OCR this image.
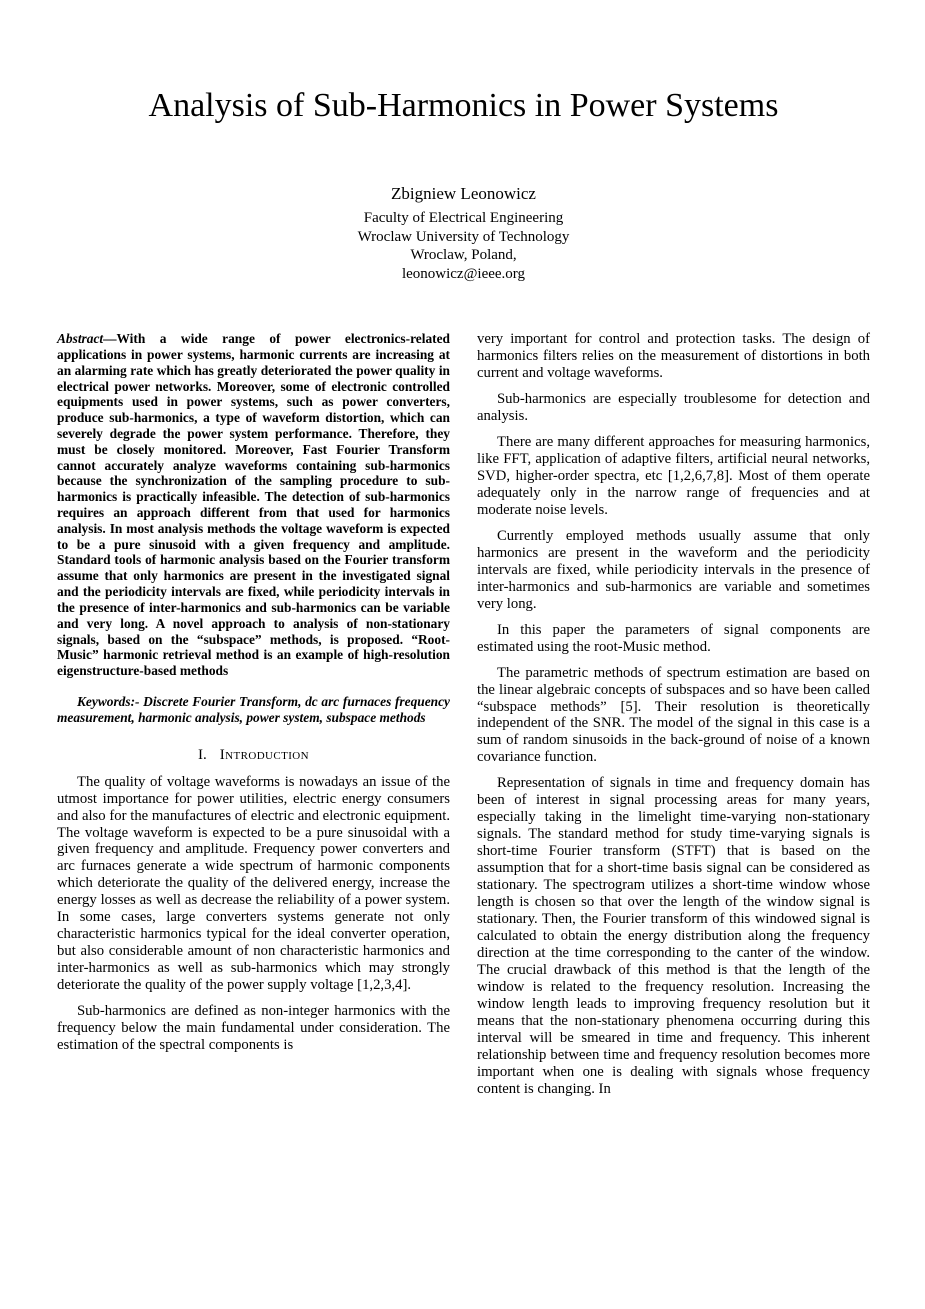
Analysis of Sub-Harmonics in Power Systems
Zbigniew Leonowicz
Faculty of Electrical Engineering
Wroclaw University of Technology
Wroclaw, Poland,
leonowicz@ieee.org

Abstract—With a wide range of power electronics-related applications in power systems, harmonic currents are increasing at an alarming rate which has greatly deteriorated the power quality in electrical power networks. Moreover, some of electronic controlled equipments used in power systems, such as power converters, produce sub-harmonics, a type of waveform distortion, which can severely degrade the power system performance. Therefore, they must be closely monitored. Moreover, Fast Fourier Transform cannot accurately analyze waveforms containing sub-harmonics because the synchronization of the sampling procedure to sub-harmonics is practically infeasible. The detection of sub-harmonics requires an approach different from that used for harmonics analysis. In most analysis methods the voltage waveform is expected to be a pure sinusoid with a given frequency and amplitude. Standard tools of harmonic analysis based on the Fourier transform assume that only harmonics are present in the investigated signal and the periodicity intervals are fixed, while periodicity intervals in the presence of inter-harmonics and sub-harmonics can be variable and very long. A novel approach to analysis of non-stationary signals, based on the “subspace” methods, is proposed. “Root-Music” harmonic retrieval method is an example of high-resolution eigenstructure-based methods

Keywords:- Discrete Fourier Transform, dc arc furnaces frequency measurement, harmonic analysis, power system, subspace methods

I. Introduction

The quality of voltage waveforms is nowadays an issue of the utmost importance for power utilities, electric energy consumers and also for the manufactures of electric and electronic equipment. The voltage waveform is expected to be a pure sinusoidal with a given frequency and amplitude. Frequency power converters and arc furnaces generate a wide spectrum of harmonic components which deteriorate the quality of the delivered energy, increase the energy losses as well as decrease the reliability of a power system. In some cases, large converters systems generate not only characteristic harmonics typical for the ideal converter operation, but also considerable amount of non characteristic harmonics and inter-harmonics as well as sub-harmonics which may strongly deteriorate the quality of the power supply voltage [1,2,3,4].

Sub-harmonics are defined as non-integer harmonics with the frequency below the main fundamental under consideration. The estimation of the spectral components is

very important for control and protection tasks. The design of harmonics filters relies on the measurement of distortions in both current and voltage waveforms.

Sub-harmonics are especially troublesome for detection and analysis.

There are many different approaches for measuring harmonics, like FFT, application of adaptive filters, artificial neural networks, SVD, higher-order spectra, etc [1,2,6,7,8]. Most of them operate adequately only in the narrow range of frequencies and at moderate noise levels.

Currently employed methods usually assume that only harmonics are present in the waveform and the periodicity intervals are fixed, while periodicity intervals in the presence of inter-harmonics and sub-harmonics are variable and sometimes very long.

In this paper the parameters of signal components are estimated using the root-Music method.

The parametric methods of spectrum estimation are based on the linear algebraic concepts of subspaces and so have been called “subspace methods” [5]. Their resolution is theoretically independent of the SNR. The model of the signal in this case is a sum of random sinusoids in the back-ground of noise of a known covariance function.

Representation of signals in time and frequency domain has been of interest in signal processing areas for many years, especially taking in the limelight time-varying non-stationary signals. The standard method for study time-varying signals is short-time Fourier transform (STFT) that is based on the assumption that for a short-time basis signal can be considered as stationary. The spectrogram utilizes a short-time window whose length is chosen so that over the length of the window signal is stationary. Then, the Fourier transform of this windowed signal is calculated to obtain the energy distribution along the frequency direction at the time corresponding to the canter of the window. The crucial drawback of this method is that the length of the window is related to the frequency resolution. Increasing the window length leads to improving frequency resolution but it means that the non-stationary phenomena occurring during this interval will be smeared in time and frequency. This inherent relationship between time and frequency resolution becomes more important when one is dealing with signals whose frequency content is changing. In
